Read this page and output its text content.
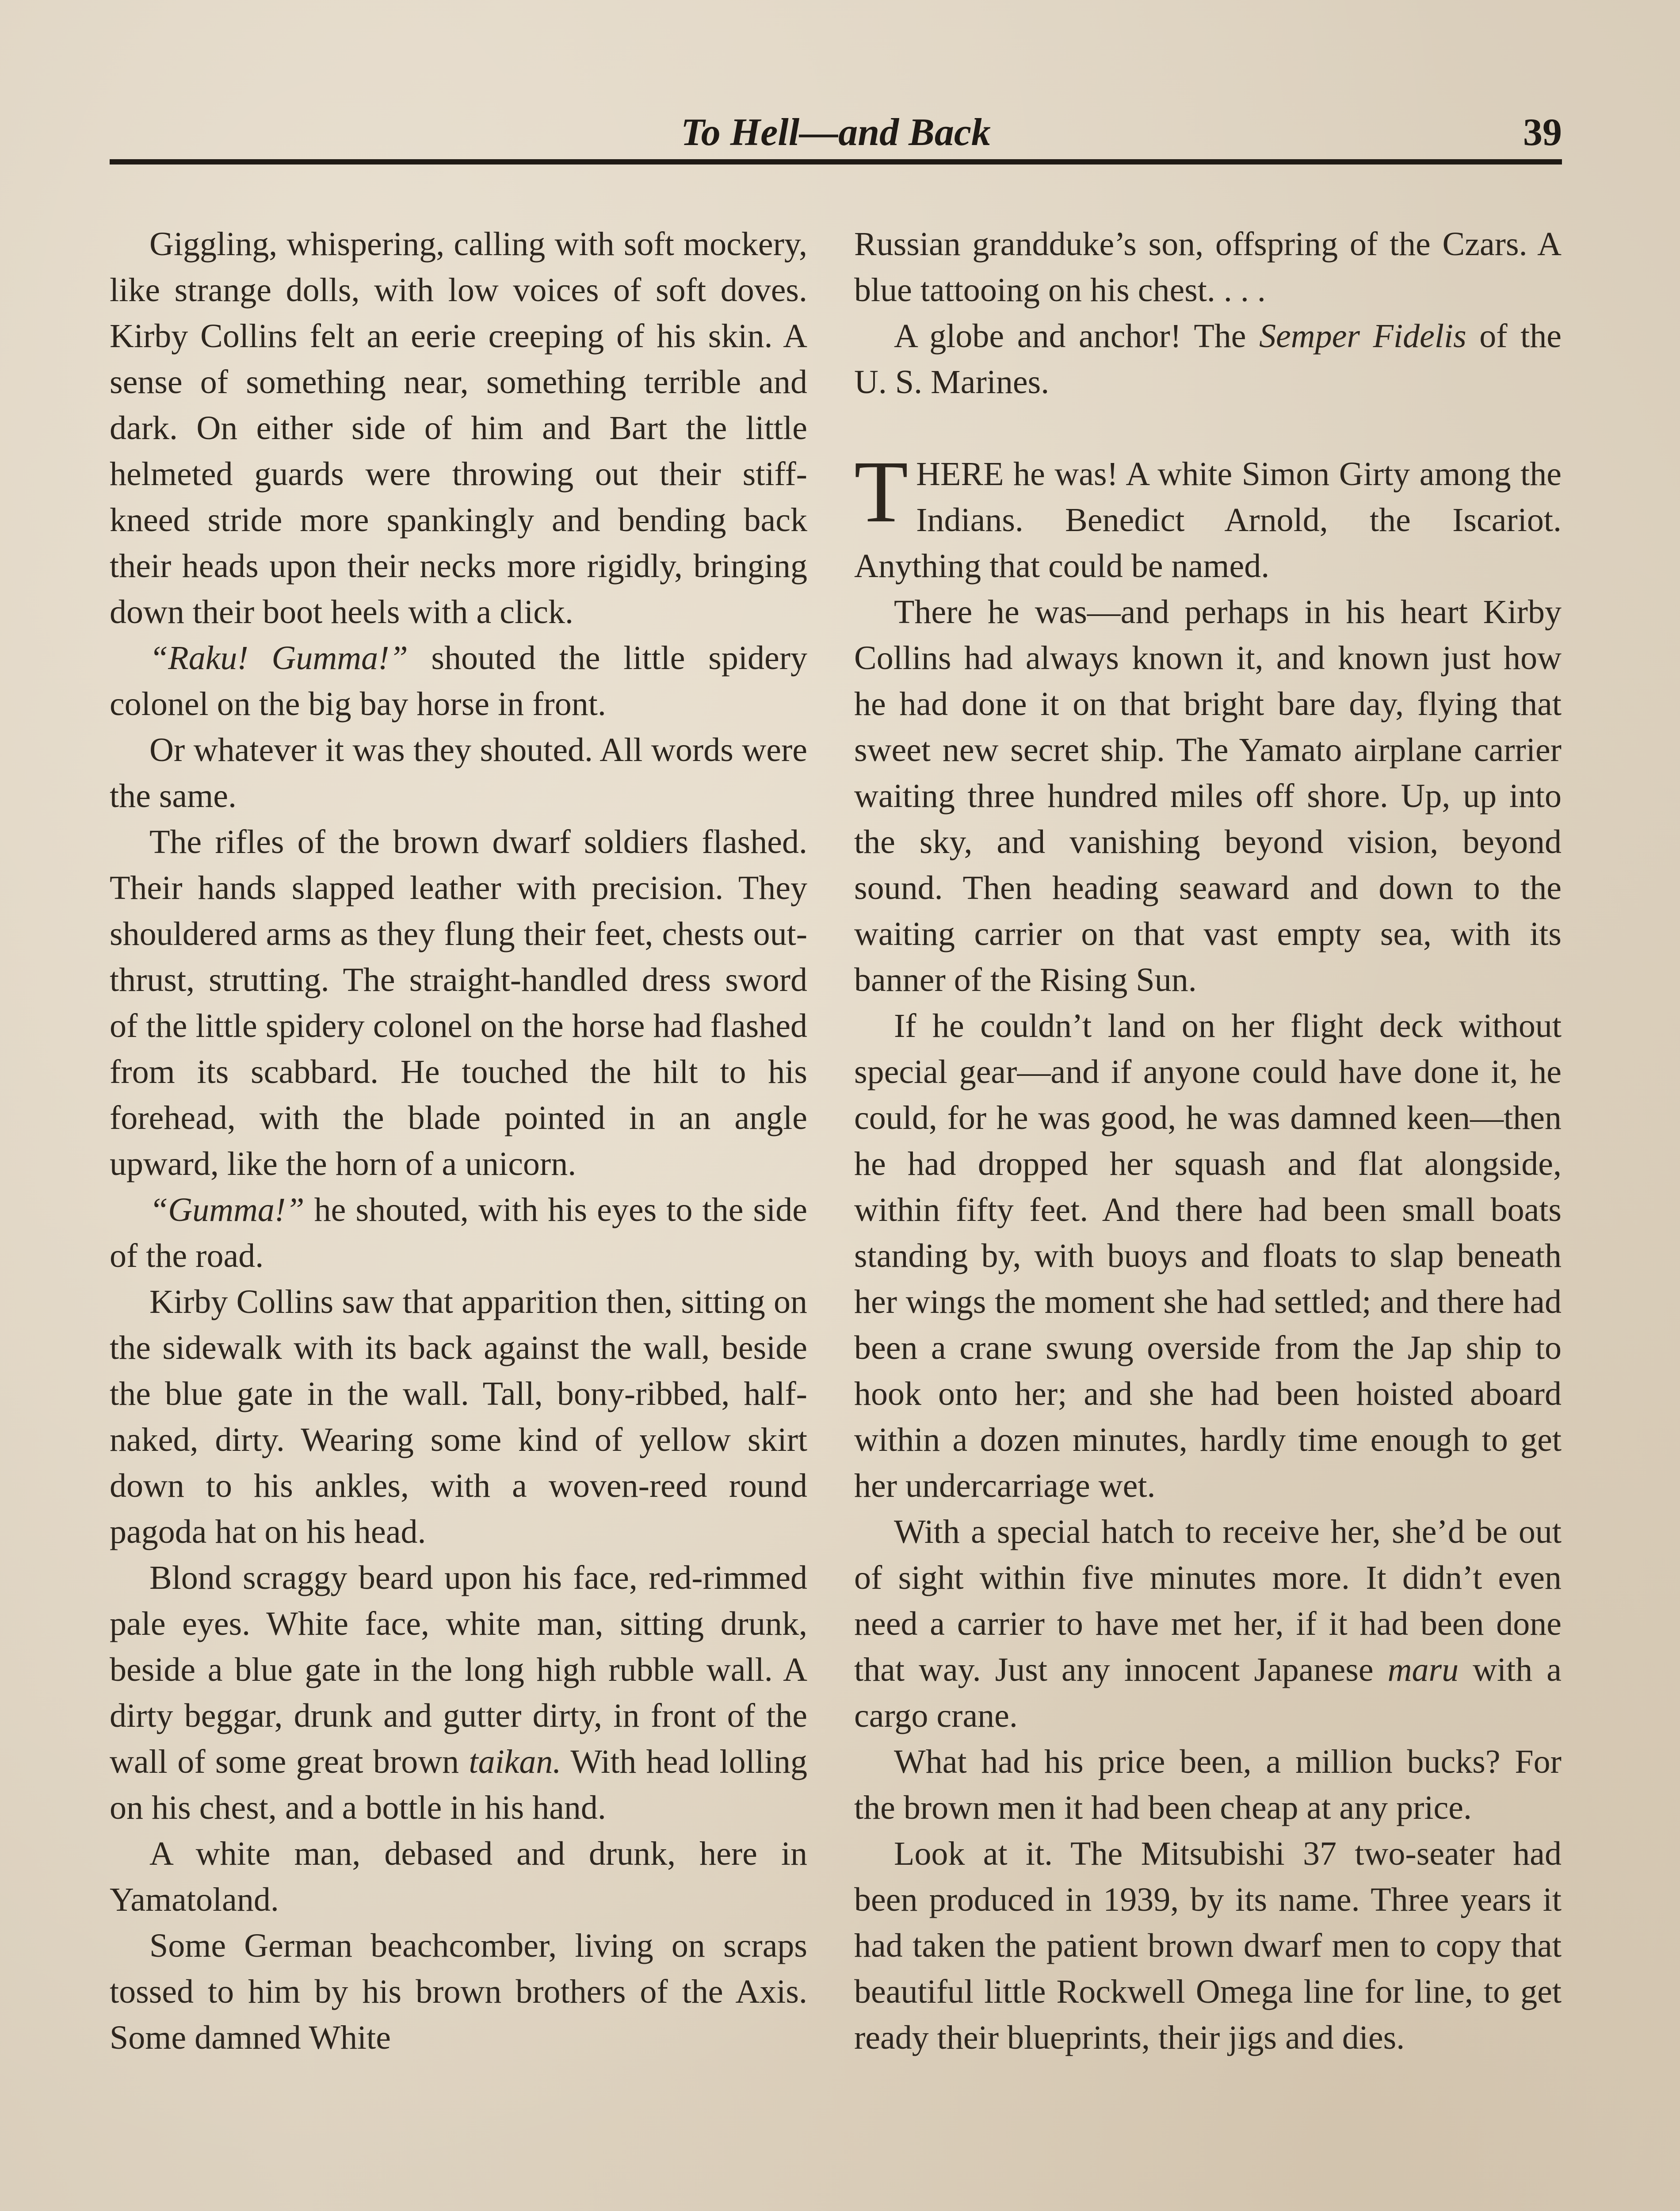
To Hell—and Back	39

Giggling, whispering, calling with soft mockery, like strange dolls, with low voices of soft doves. Kirby Collins felt an eerie creeping of his skin. A sense of something near, something terrible and dark. On either side of him and Bart the little helmeted guards were throwing out their stiff-kneed stride more spankingly and bending back their heads upon their necks more rigidly, bringing down their boot heels with a click.

“Raku! Gumma!” shouted the little spidery colonel on the big bay horse in front.

Or whatever it was they shouted. All words were the same.

The rifles of the brown dwarf soldiers flashed. Their hands slapped leather with precision. They shouldered arms as they flung their feet, chests out-thrust, strutting. The straight-handled dress sword of the little spidery colonel on the horse had flashed from its scabbard. He touched the hilt to his forehead, with the blade pointed in an angle upward, like the horn of a unicorn.

“Gumma!” he shouted, with his eyes to the side of the road.

Kirby Collins saw that apparition then, sitting on the sidewalk with its back against the wall, beside the blue gate in the wall. Tall, bony-ribbed, half-naked, dirty. Wearing some kind of yellow skirt down to his ankles, with a woven-reed round pagoda hat on his head.

Blond scraggy beard upon his face, red-rimmed pale eyes. White face, white man, sitting drunk, beside a blue gate in the long high rubble wall. A dirty beggar, drunk and gutter dirty, in front of the wall of some great brown taikan. With head lolling on his chest, and a bottle in his hand.

A white man, debased and drunk, here in Yamatoland.

Some German beachcomber, living on scraps tossed to him by his brown brothers of the Axis. Some damned White

Russian grandduke’s son, offspring of the Czars. A blue tattooing on his chest. . . .

A globe and anchor! The Semper Fidelis of the U. S. Marines.

THERE he was! A white Simon Girty among the Indians. Benedict Arnold, the Iscariot. Anything that could be named.

There he was—and perhaps in his heart Kirby Collins had always known it, and known just how he had done it on that bright bare day, flying that sweet new secret ship. The Yamato airplane carrier waiting three hundred miles off shore. Up, up into the sky, and vanishing beyond vision, beyond sound. Then heading seaward and down to the waiting carrier on that vast empty sea, with its banner of the Rising Sun.

If he couldn’t land on her flight deck without special gear—and if anyone could have done it, he could, for he was good, he was damned keen—then he had dropped her squash and flat alongside, within fifty feet. And there had been small boats standing by, with buoys and floats to slap beneath her wings the moment she had settled; and there had been a crane swung overside from the Jap ship to hook onto her; and she had been hoisted aboard within a dozen minutes, hardly time enough to get her undercarriage wet.

With a special hatch to receive her, she’d be out of sight within five minutes more. It didn’t even need a carrier to have met her, if it had been done that way. Just any innocent Japanese maru with a cargo crane.

What had his price been, a million bucks? For the brown men it had been cheap at any price.

Look at it. The Mitsubishi 37 two-seater had been produced in 1939, by its name. Three years it had taken the patient brown dwarf men to copy that beautiful little Rockwell Omega line for line, to get ready their blueprints, their jigs and dies.
